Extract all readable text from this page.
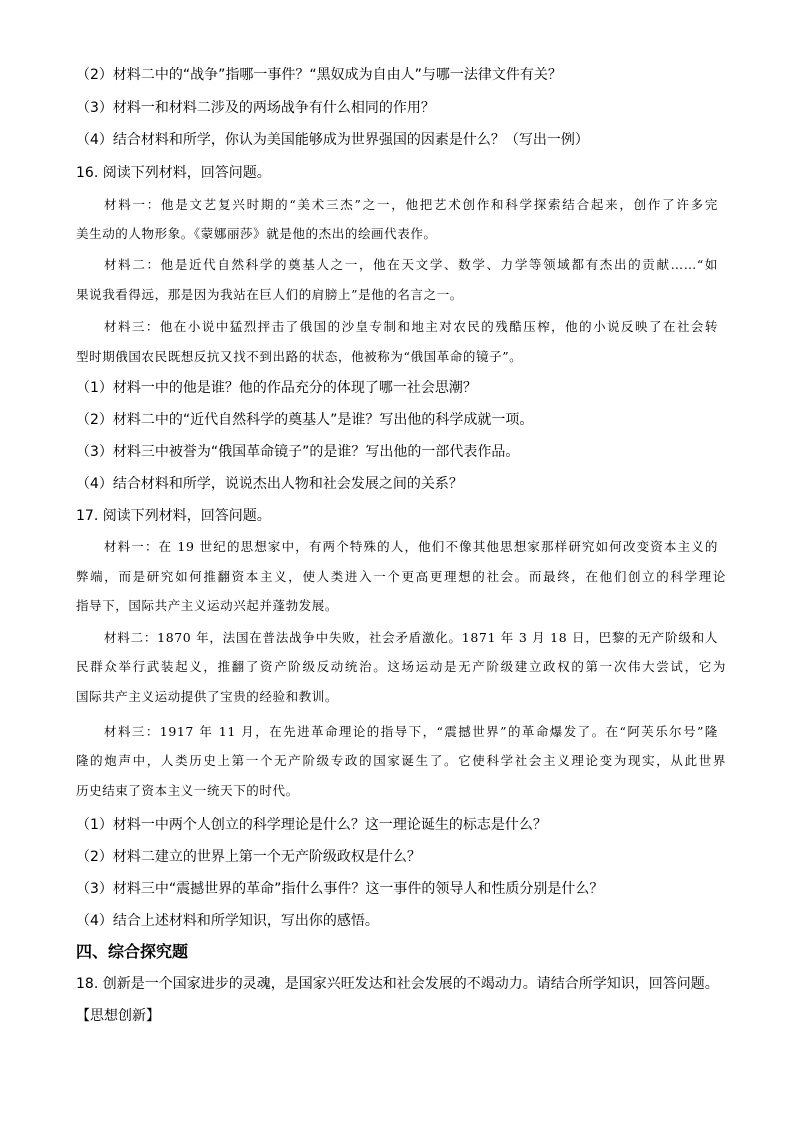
（2）材料二中的“战争”指哪一事件？“黑奴成为自由人”与哪一法律文件有关？
（3）材料一和材料二涉及的两场战争有什么相同的作用？
（4）结合材料和所学，你认为美国能够成为世界强国的因素是什么？（写出一例）
16. 阅读下列材料，回答问题。
材料一：他是文艺复兴时期的“美术三杰”之一，他把艺术创作和科学探索结合起来，创作了许多完
美生动的人物形象。《蒙娜丽莎》就是他的杰出的绘画代表作。
材料二：他是近代自然科学的奠基人之一，他在天文学、数学、力学等领域都有杰出的贡献……“如
果说我看得远，那是因为我站在巨人们的肩膀上”是他的名言之一。
材料三：他在小说中猛烈抨击了俄国的沙皇专制和地主对农民的残酷压榨，他的小说反映了在社会转
型时期俄国农民既想反抗又找不到出路的状态，他被称为“俄国革命的镜子”。
（1）材料一中的他是谁？他的作品充分的体现了哪一社会思潮？
（2）材料二中的“近代自然科学的奠基人”是谁？写出他的科学成就一项。
（3）材料三中被誉为“俄国革命镜子”的是谁？写出他的一部代表作品。
（4）结合材料和所学，说说杰出人物和社会发展之间的关系？
17. 阅读下列材料，回答问题。
材料一：在 19 世纪的思想家中，有两个特殊的人，他们不像其他思想家那样研究如何改变资本主义的
弊端，而是研究如何推翻资本主义，使人类进入一个更高更理想的社会。而最终，在他们创立的科学理论
指导下，国际共产主义运动兴起并蓬勃发展。
材料二：1870 年，法国在普法战争中失败，社会矛盾激化。1871 年 3 月 18 日，巴黎的无产阶级和人
民群众举行武装起义，推翻了资产阶级反动统治。这场运动是无产阶级建立政权的第一次伟大尝试，它为
国际共产主义运动提供了宝贵的经验和教训。
材料三：1917 年 11 月，在先进革命理论的指导下，“震撼世界”的革命爆发了。在“阿芙乐尔号”隆
隆的炮声中，人类历史上第一个无产阶级专政的国家诞生了。它使科学社会主义理论变为现实，从此世界
历史结束了资本主义一统天下的时代。
（1）材料一中两个人创立的科学理论是什么？这一理论诞生的标志是什么？
（2）材料二建立的世界上第一个无产阶级政权是什么？
（3）材料三中“震撼世界的革命”指什么事件？这一事件的领导人和性质分别是什么？
（4）结合上述材料和所学知识，写出你的感悟。
四、综合探究题
18. 创新是一个国家进步的灵魂，是国家兴旺发达和社会发展的不竭动力。请结合所学知识，回答问题。
【思想创新】
